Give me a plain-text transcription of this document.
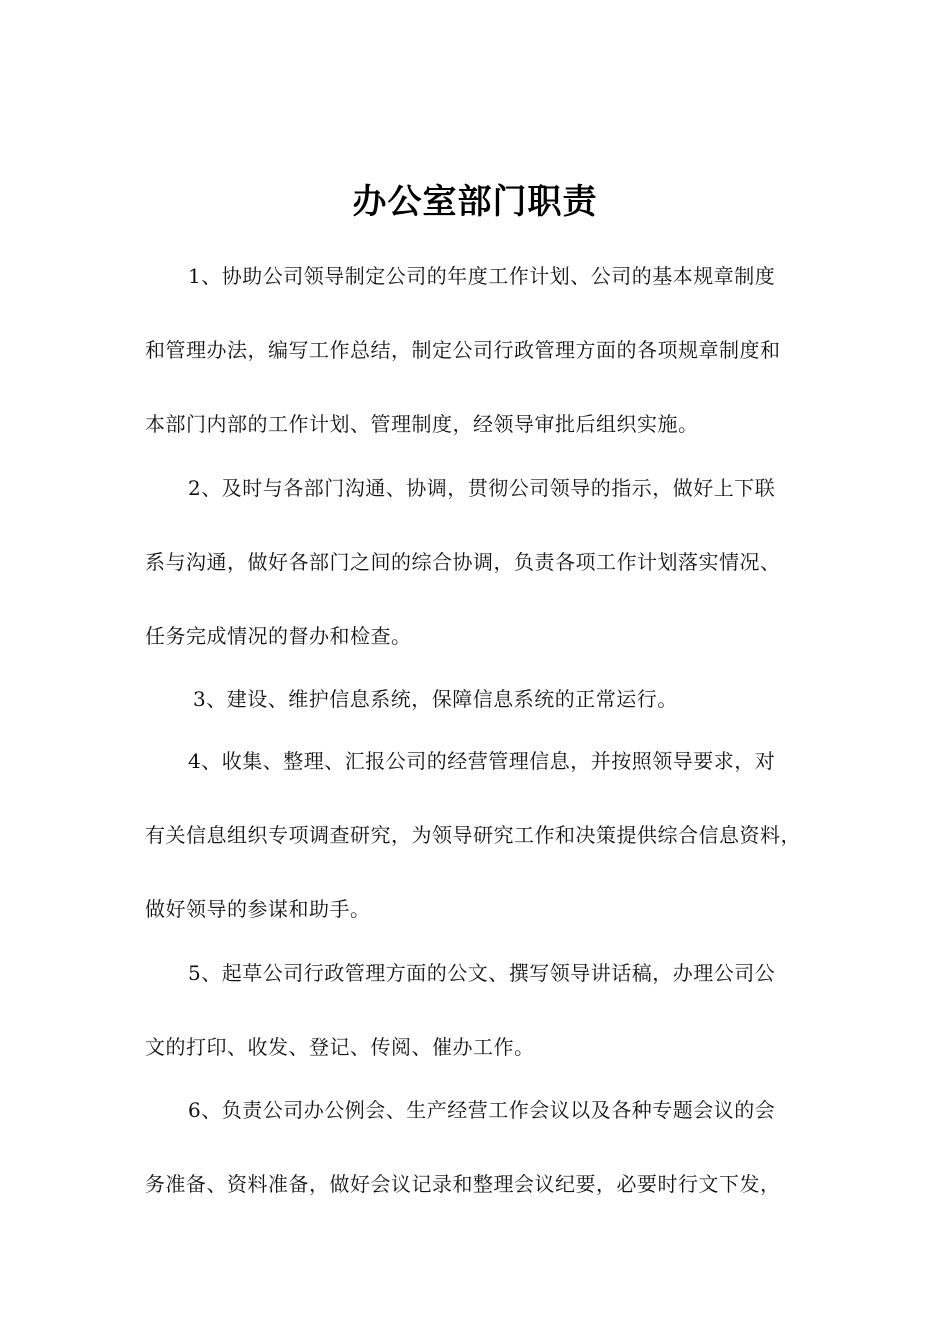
办公室部门职责
1、协助公司领导制定公司的年度工作计划、公司的基本规章制度
和管理办法，编写工作总结，制定公司行政管理方面的各项规章制度和
本部门内部的工作计划、管理制度，经领导审批后组织实施。
2、及时与各部门沟通、协调，贯彻公司领导的指示，做好上下联
系与沟通，做好各部门之间的综合协调，负责各项工作计划落实情况、
任务完成情况的督办和检查。
3、建设、维护信息系统，保障信息系统的正常运行。
4、收集、整理、汇报公司的经营管理信息，并按照领导要求，对
有关信息组织专项调查研究，为领导研究工作和决策提供综合信息资料，
做好领导的参谋和助手。
5、起草公司行政管理方面的公文、撰写领导讲话稿，办理公司公
文的打印、收发、登记、传阅、催办工作。
6、负责公司办公例会、生产经营工作会议以及各种专题会议的会
务准备、资料准备，做好会议记录和整理会议纪要，必要时行文下发，
